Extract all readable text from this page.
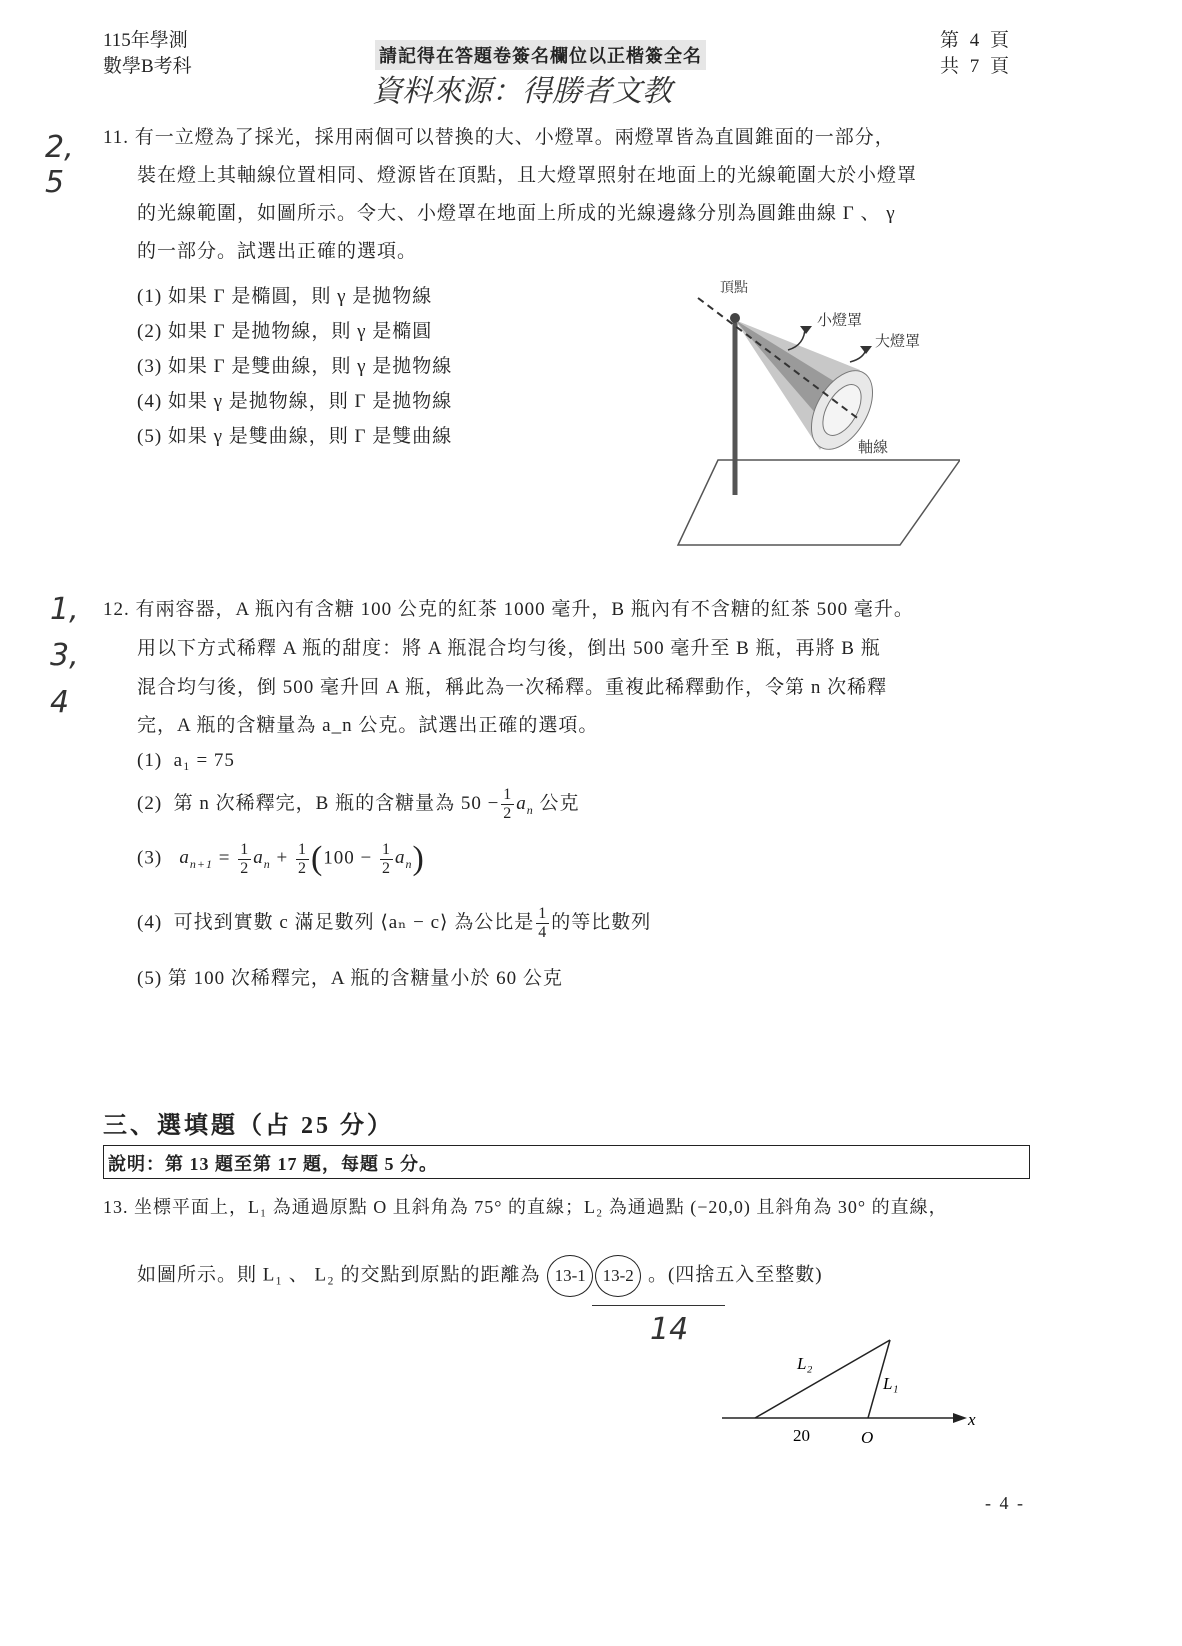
115年學測
數學B考科	請記得在答題卷簽名欄位以正楷簽全名
資料來源：得勝者文教
第 4 頁
共 7 頁
2,
5
11. 有一立燈為了採光，採用兩個可以替換的大、小燈罩。兩燈罩皆為直圓錐面的一部分，
裝在燈上其軸線位置相同、燈源皆在頂點，且大燈罩照射在地面上的光線範圍大於小燈罩
的光線範圍，如圖所示。令大、小燈罩在地面上所成的光線邊緣分別為圓錐曲線 Γ 、 γ
的一部分。試選出正確的選項。
(1) 如果 Γ 是橢圓，則 γ 是拋物線
(2) 如果 Γ 是拋物線，則 γ 是橢圓
(3) 如果 Γ 是雙曲線，則 γ 是拋物線
(4) 如果 γ 是拋物線，則 Γ 是拋物線
(5) 如果 γ 是雙曲線，則 Γ 是雙曲線
頂點
小燈罩
大燈罩
軸線
1,
3,
4
12. 有兩容器，A 瓶內有含糖 100 公克的紅茶 1000 毫升，B 瓶內有不含糖的紅茶 500 毫升。
用以下方式稀釋 A 瓶的甜度：將 A 瓶混合均勻後，倒出 500 毫升至 B 瓶，再將 B 瓶
混合均勻後，倒 500 毫升回 A 瓶，稱此為一次稀釋。重複此稀釋動作，令第 n 次稀釋
完，A 瓶的含糖量為 a_n 公克。試選出正確的選項。
(1) a₁ = 75
(2) 第 n 次稀釋完，B 瓶的含糖量為 $50 - \frac{1}{2} a_n$ 公克
(3) $a_{n+1} = \frac{1}{2} a_n + \frac{1}{2} (100 - \frac{1}{2} a_n)$
(4) 可找到實數 c 滿足數列 ⟨aₙ − c⟩ 為公比是 $\frac{1}{4}$ 的等比數列
(5) 第 100 次稀釋完，A 瓶的含糖量小於 60 公克
三、選填題（占 25 分）
說明：第 13 題至第 17 題，每題 5 分。
13. 坐標平面上，L₁ 為通過原點 O 且斜角為 75° 的直線；L₂ 為通過點 (−20,0) 且斜角為 30° 的直線，
如圖所示。則 L₁ 、 L₂ 的交點到原點的距離為 13-1 13-2 。(四捨五入至整數)
14
L₂
L₁
20	O
x
- 4 -
